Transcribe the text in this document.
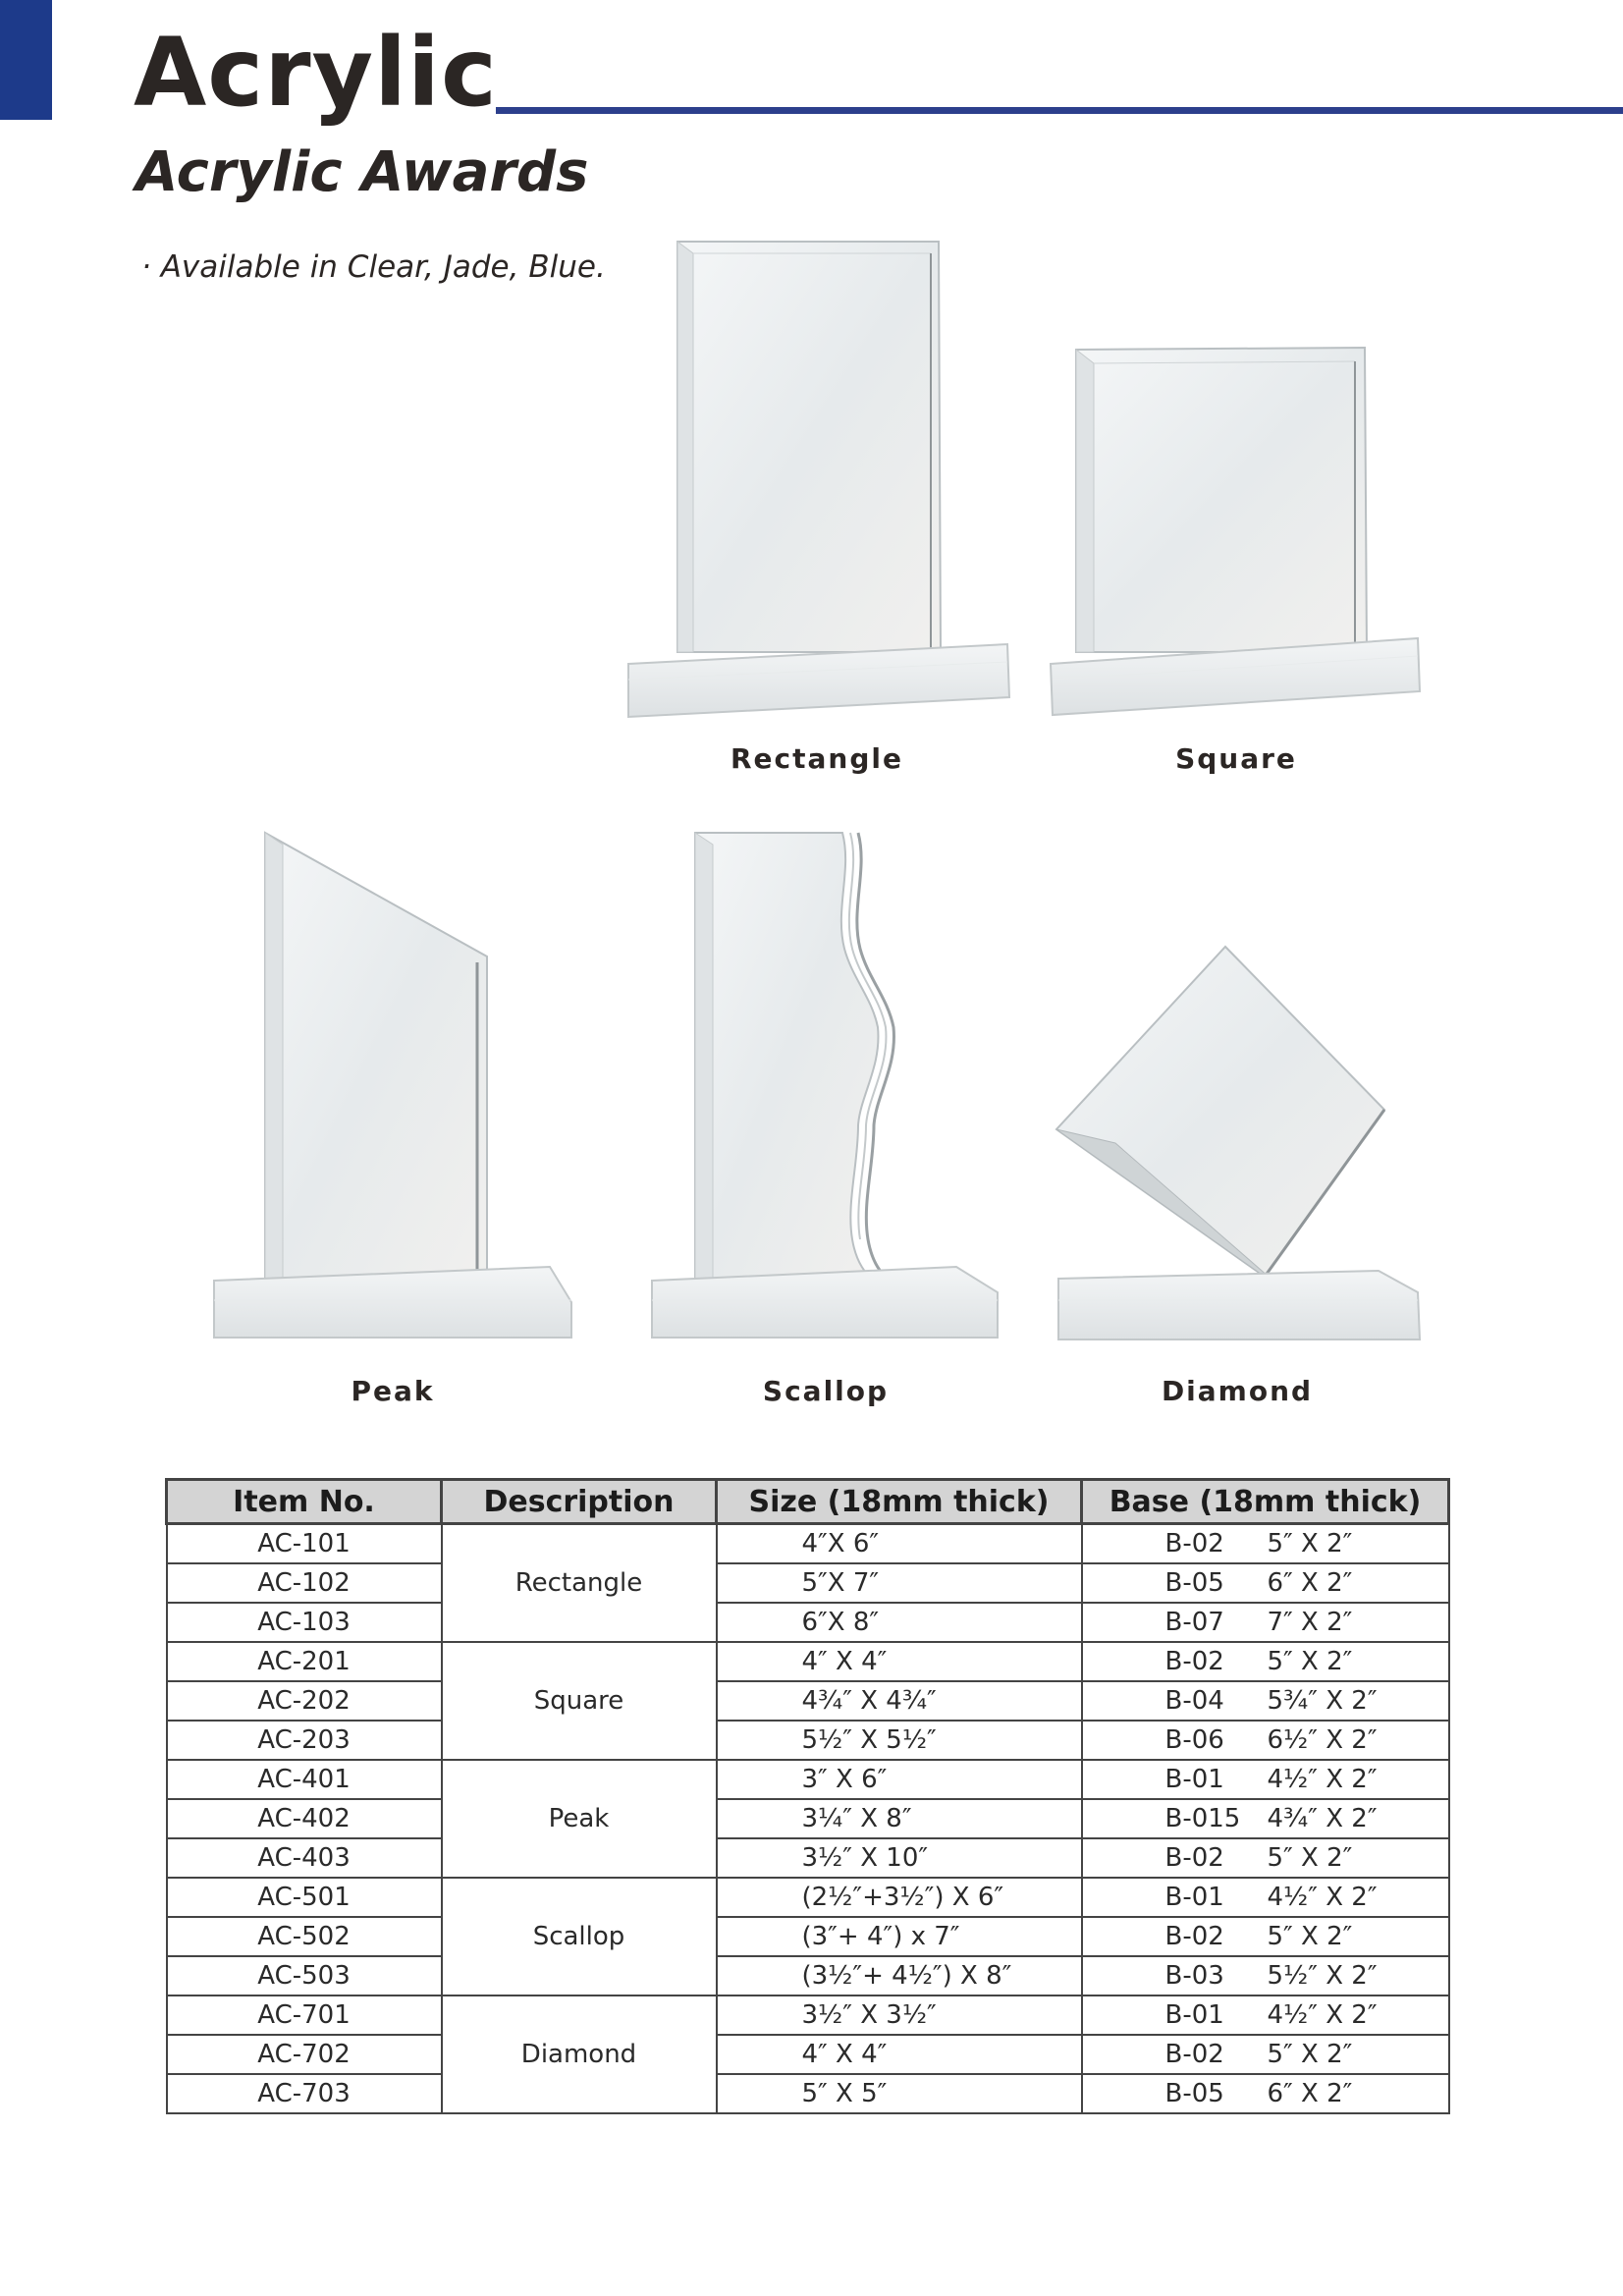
Acrylic
Acrylic Awards
· Available in Clear, Jade, Blue.
Rectangle	Square
Peak	Scallop	Diamond
Item No.	Description	Size (18mm thick)	Base (18mm thick)
AC-101	Rectangle	4″X 6″	B-02 5″ X 2″
AC-102		5″X 7″	B-05 6″ X 2″
AC-103		6″X 8″	B-07 7″ X 2″
AC-201	Square	4″ X 4″	B-02 5″ X 2″
AC-202		4¾″ X 4¾″	B-04 5¾″ X 2″
AC-203		5½″ X 5½″	B-06 6½″ X 2″
AC-401	Peak	3″ X 6″	B-01 4½″ X 2″
AC-402		3¼″ X 8″	B-015 4¾″ X 2″
AC-403		3½″ X 10″	B-02 5″ X 2″
AC-501	Scallop	(2½″+3½″) X 6″	B-01 4½″ X 2″
AC-502		(3″+ 4″) x 7″	B-02 5″ X 2″
AC-503		(3½″+ 4½″) X 8″	B-03 5½″ X 2″
AC-701	Diamond	3½″ X 3½″	B-01 4½″ X 2″
AC-702		4″ X 4″	B-02 5″ X 2″
AC-703		5″ X 5″	B-05 6″ X 2″
